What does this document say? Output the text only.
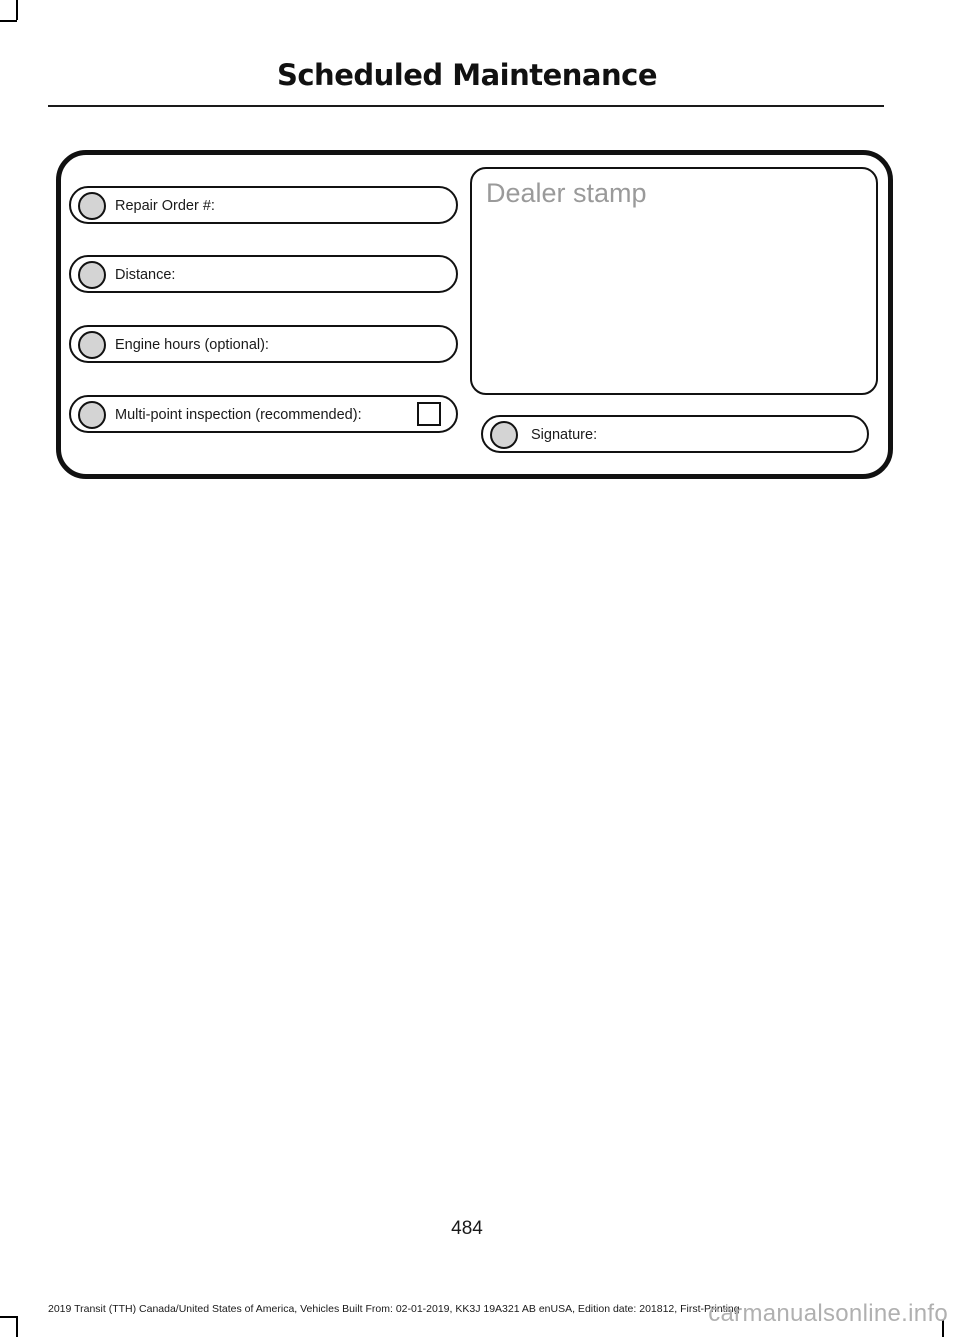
Scheduled Maintenance
Repair Order #:
Distance:
Engine hours (optional):
Multi-point inspection (recommended):
Dealer stamp
Signature:
484
2019 Transit (TTH) Canada/United States of America, Vehicles Built From: 02-01-2019, KK3J 19A321 AB enUSA, Edition date: 201812, First-Printing
carmanualsonline.info
